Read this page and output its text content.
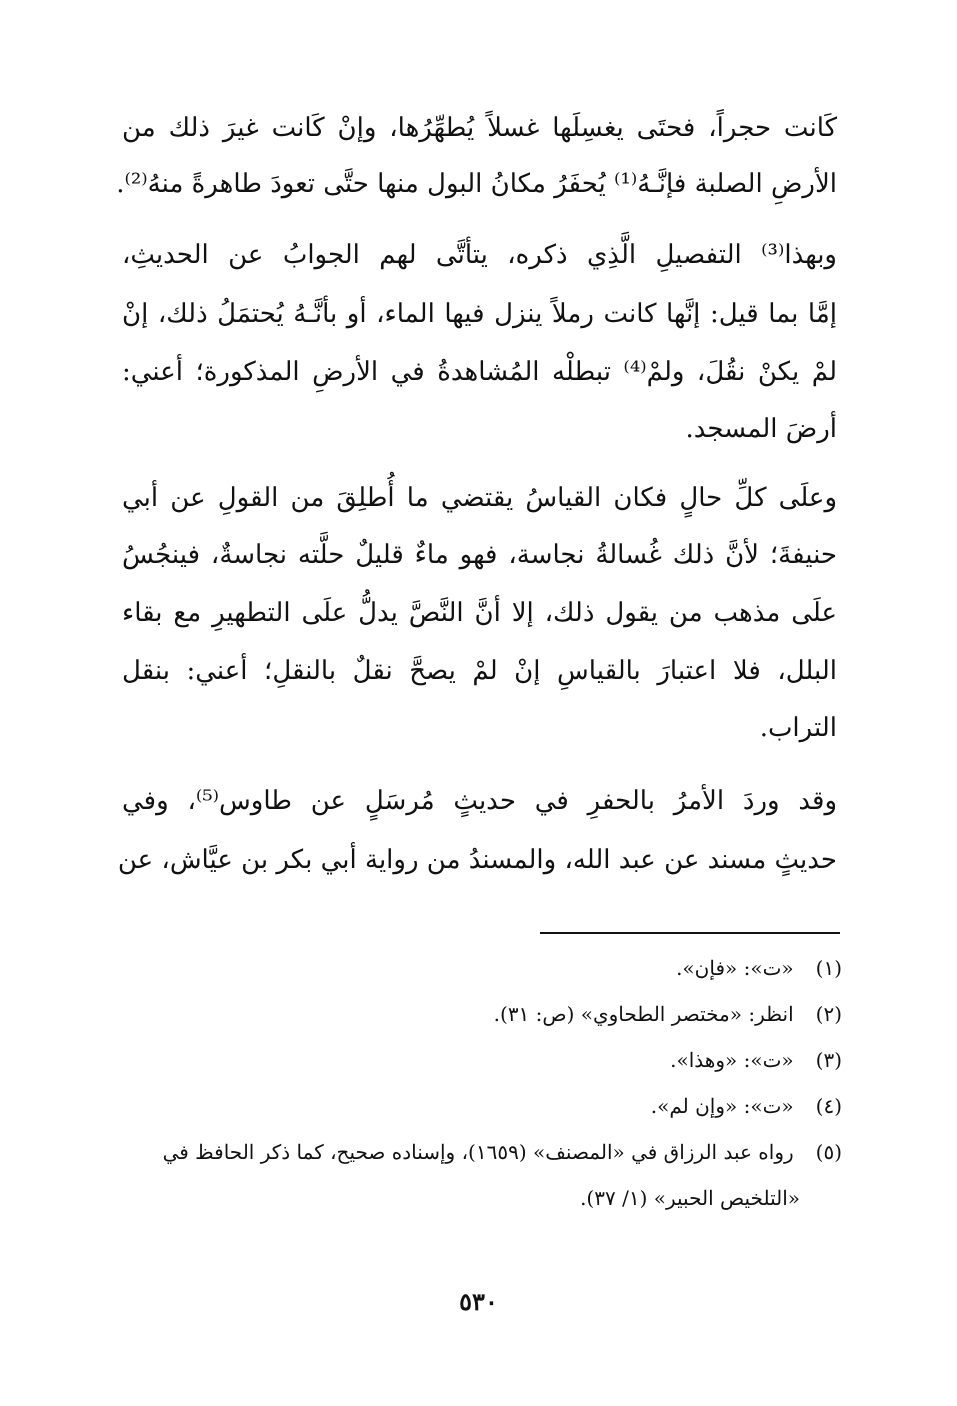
كَانت حجراً، فحتَى يغسِلَها غسلاً يُطهِّرُها، وإنْ كَانت غيرَ ذلك من
الأرضِ الصلبة فإنَّـهُ⁽¹⁾ يُحفَرُ مكانُ البول منها حتَّى تعودَ طاهرةً منهُ⁽²⁾.
وبهذا⁽³⁾ التفصيلِ الَّذِي ذكره، يتأتَّى لهم الجوابُ عن الحديثِ،
إمَّا بما قيل: إنَّها كانت رملاً ينزل فيها الماء، أو بأنَّـهُ يُحتمَلُ ذلك، إنْ
لمْ يكنْ نقُلَ، ولمْ⁽⁴⁾ تبطلْه المُشاهدةُ في الأرضِ المذكورة؛ أعني:
أرضَ المسجد.
وعلَى كلِّ حالٍ فكان القياسُ يقتضي ما أُطلِقَ من القولِ عن أبي
حنيفةَ؛ لأنَّ ذلك غُسالةُ نجاسة، فهو ماءٌ قليلٌ حلَّته نجاسةٌ، فينجُسُ
علَى مذهب من يقول ذلك، إلا أنَّ النَّصَّ يدلُّ علَى التطهيرِ مع بقاء
البلل، فلا اعتبارَ بالقياسِ إنْ لمْ يصحَّ نقلٌ بالنقلِ؛ أعني: بنقل
التراب.
وقد وردَ الأمرُ بالحفرِ في حديثٍ مُرسَلٍ عن طاوس⁽⁵⁾، وفي
حديثٍ مسند عن عبد الله، والمسندُ من رواية أبي بكر بن عيَّاش، عن
(١) «ت»: «فإن».
(٢) انظر: «مختصر الطحاوي» (ص: ٣١).
(٣) «ت»: «وهذا».
(٤) «ت»: «وإن لم».
(٥) رواه عبد الرزاق في «المصنف» (١٦٥٩)، وإسناده صحيح، كما ذكر الحافظ في
«التلخيص الحبير» (١/ ٣٧).
٥٣٠
